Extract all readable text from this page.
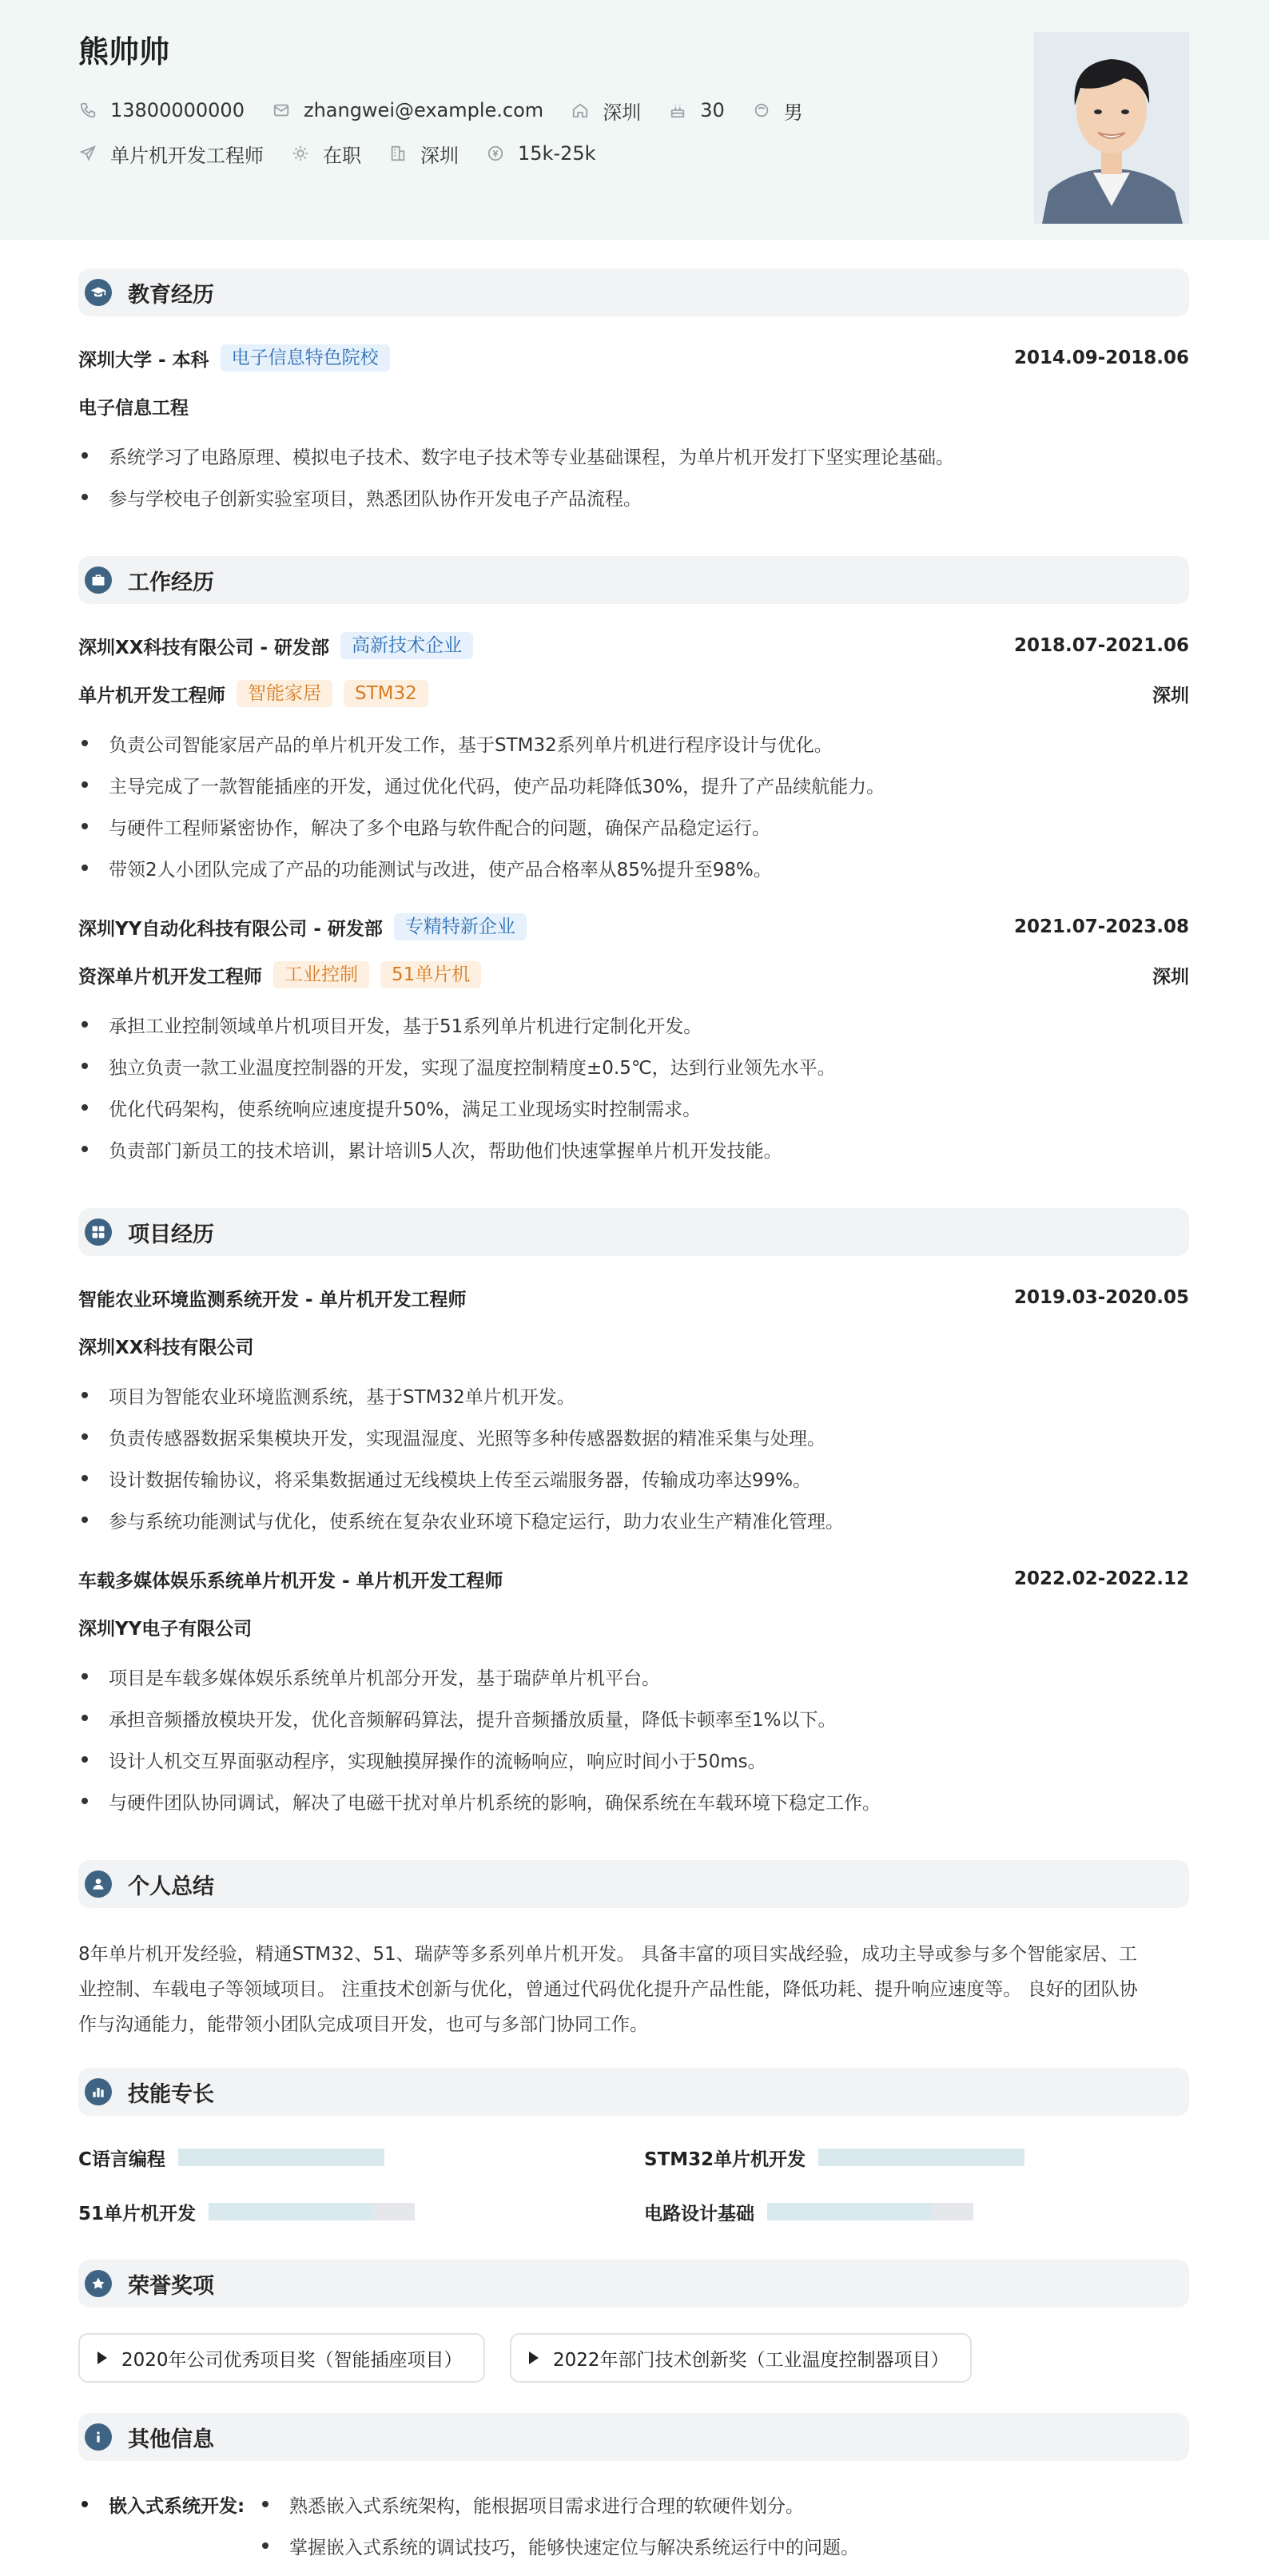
熊帅帅
13800000000	zhangwei@example.com	深圳	30	男
单片机开发工程师	在职	深圳	15k-25k
教育经历
深圳大学 - 本科	电子信息特色院校	2014.09-2018.06
电子信息工程
系统学习了电路原理、模拟电子技术、数字电子技术等专业基础课程，为单片机开发打下坚实理论基础。
参与学校电子创新实验室项目，熟悉团队协作开发电子产品流程。
工作经历
深圳XX科技有限公司 - 研发部	高新技术企业	2018.07-2021.06
单片机开发工程师	智能家居	STM32	深圳
负责公司智能家居产品的单片机开发工作，基于STM32系列单片机进行程序设计与优化。
主导完成了一款智能插座的开发，通过优化代码，使产品功耗降低30%，提升了产品续航能力。
与硬件工程师紧密协作，解决了多个电路与软件配合的问题，确保产品稳定运行。
带领2人小团队完成了产品的功能测试与改进，使产品合格率从85%提升至98%。
深圳YY自动化科技有限公司 - 研发部	专精特新企业	2021.07-2023.08
资深单片机开发工程师	工业控制	51单片机	深圳
承担工业控制领域单片机项目开发，基于51系列单片机进行定制化开发。
独立负责一款工业温度控制器的开发，实现了温度控制精度±0.5℃，达到行业领先水平。
优化代码架构，使系统响应速度提升50%，满足工业现场实时控制需求。
负责部门新员工的技术培训，累计培训5人次，帮助他们快速掌握单片机开发技能。
项目经历
智能农业环境监测系统开发 - 单片机开发工程师	2019.03-2020.05
深圳XX科技有限公司
项目为智能农业环境监测系统，基于STM32单片机开发。
负责传感器数据采集模块开发，实现温湿度、光照等多种传感器数据的精准采集与处理。
设计数据传输协议，将采集数据通过无线模块上传至云端服务器，传输成功率达99%。
参与系统功能测试与优化，使系统在复杂农业环境下稳定运行，助力农业生产精准化管理。
车载多媒体娱乐系统单片机开发 - 单片机开发工程师	2022.02-2022.12
深圳YY电子有限公司
项目是车载多媒体娱乐系统单片机部分开发，基于瑞萨单片机平台。
承担音频播放模块开发，优化音频解码算法，提升音频播放质量，降低卡顿率至1%以下。
设计人机交互界面驱动程序，实现触摸屏操作的流畅响应，响应时间小于50ms。
与硬件团队协同调试，解决了电磁干扰对单片机系统的影响，确保系统在车载环境下稳定工作。
个人总结
8年单片机开发经验，精通STM32、51、瑞萨等多系列单片机开发。 具备丰富的项目实战经验，成功主导或参与多个智能家居、工
业控制、车载电子等领域项目。 注重技术创新与优化，曾通过代码优化提升产品性能，降低功耗、提升响应速度等。 良好的团队协
作与沟通能力，能带领小团队完成项目开发，也可与多部门协同工作。
技能专长
C语言编程	STM32单片机开发
51单片机开发	电路设计基础
荣誉奖项
2020年公司优秀项目奖（智能插座项目）	2022年部门技术创新奖（工业温度控制器项目）
其他信息
嵌入式系统开发:	熟悉嵌入式系统架构，能根据项目需求进行合理的软硬件划分。
掌握嵌入式系统的调试技巧，能够快速定位与解决系统运行中的问题。
